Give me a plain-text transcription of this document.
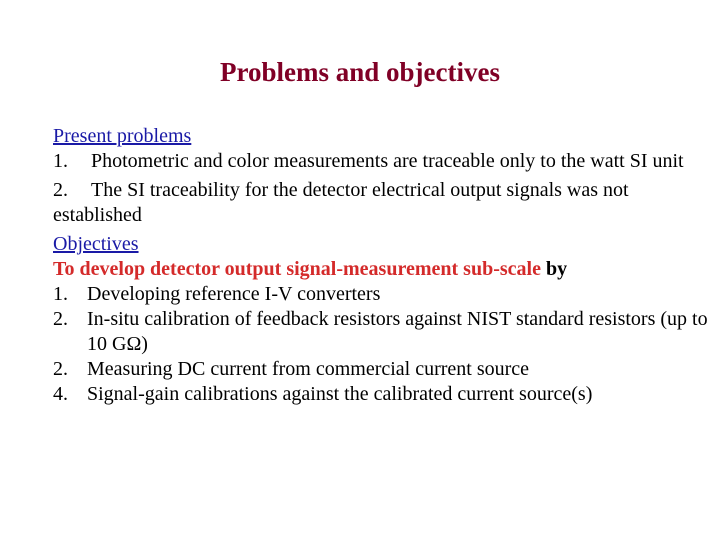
Problems and objectives
Present problems
1. Photometric and color measurements are traceable only to the watt SI unit
2. The SI traceability for the detector electrical output signals was not established
Objectives
To develop detector output signal-measurement sub-scale by
1. Developing reference I-V converters
2. In-situ calibration of feedback resistors against NIST standard resistors (up to 10 GΩ)
2. Measuring DC current from commercial current source
4. Signal-gain calibrations against the calibrated current source(s)
